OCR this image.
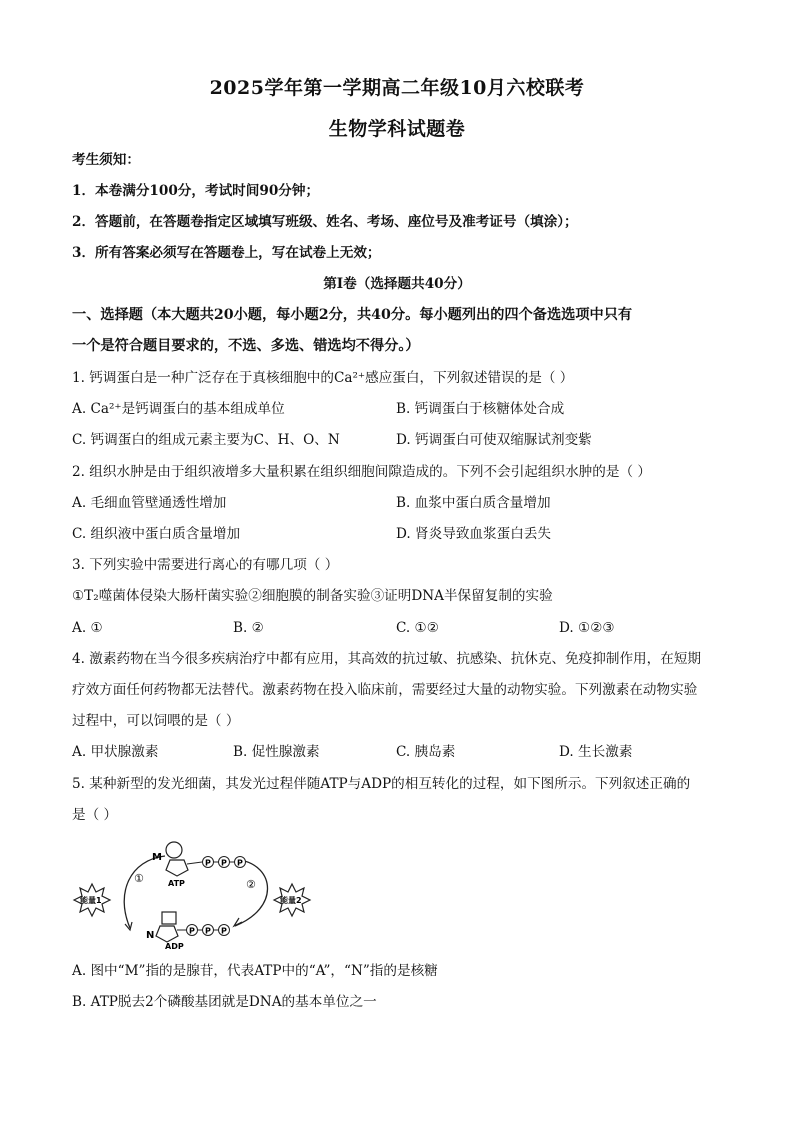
2025学年第一学期高二年级10月六校联考
生物学科试题卷
考生须知：
1．本卷满分100分，考试时间90分钟；
2．答题前，在答题卷指定区域填写班级、姓名、考场、座位号及准考证号（填涂）；
3．所有答案必须写在答题卷上，写在试卷上无效；
第Ⅰ卷（选择题共40分）
一、选择题（本大题共20小题，每小题2分，共40分。每小题列出的四个备选选项中只有
一个是符合题目要求的，不选、多选、错选均不得分。）
1. 钙调蛋白是一种广泛存在于真核细胞中的Ca²⁺感应蛋白，下列叙述错误的是（ ）
A. Ca²⁺是钙调蛋白的基本组成单位	B. 钙调蛋白于核糖体处合成
C. 钙调蛋白的组成元素主要为C、H、O、N	D. 钙调蛋白可使双缩脲试剂变紫
2. 组织水肿是由于组织液增多大量积累在组织细胞间隙造成的。下列不会引起组织水肿的是（ ）
A. 毛细血管壁通透性增加	B. 血浆中蛋白质含量增加
C. 组织液中蛋白质含量增加	D. 肾炎导致血浆蛋白丢失
3. 下列实验中需要进行离心的有哪几项（ ）
①T₂噬菌体侵染大肠杆菌实验②细胞膜的制备实验③证明DNA半保留复制的实验
A. ①	B. ②	C. ①②	D. ①②③
4. 激素药物在当今很多疾病治疗中都有应用，其高效的抗过敏、抗感染、抗休克、免疫抑制作用，在短期
疗效方面任何药物都无法替代。激素药物在投入临床前，需要经过大量的动物实验。下列激素在动物实验
过程中，可以饲喂的是（ ）
A. 甲状腺激素	B. 促性腺激素	C. 胰岛素	D. 生长激素
5. 某种新型的发光细菌，其发光过程伴随ATP与ADP的相互转化的过程，如下图所示。下列叙述正确的
是（ ）
M	P P P
ATP
①	②
N	P P P
ADP
能量1	能量2
A. 图中“M”指的是腺苷，代表ATP中的“A”，“N”指的是核糖
B. ATP脱去2个磷酸基团就是DNA的基本单位之一
